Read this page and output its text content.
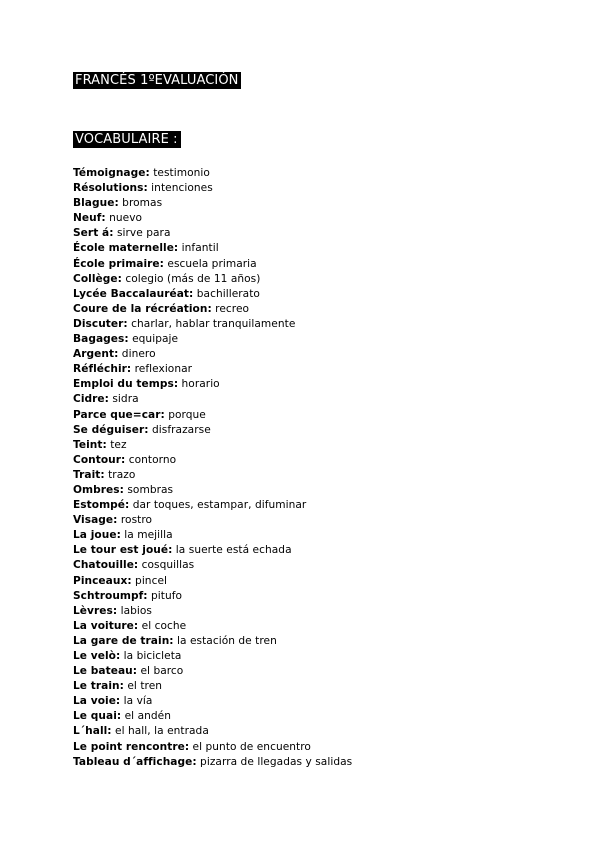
FRANCÉS 1ºEVALUACIÓN
VOCABULAIRE :
Témoignage: testimonio
Résolutions: intenciones
Blague: bromas
Neuf: nuevo
Sert á: sirve para
École maternelle: infantil
École primaire: escuela primaria
Collège: colegio (más de 11 años)
Lycée Baccalauréat: bachillerato
Coure de la récréation: recreo
Discuter: charlar, hablar tranquilamente
Bagages: equipaje
Argent: dinero
Réfléchir: reflexionar
Emploi du temps: horario
Cidre: sidra
Parce que=car: porque
Se déguiser: disfrazarse
Teint: tez
Contour: contorno
Trait: trazo
Ombres: sombras
Estompé: dar toques, estampar, difuminar
Visage: rostro
La joue: la mejilla
Le tour est joué: la suerte está echada
Chatouille: cosquillas
Pinceaux: pincel
Schtroumpf: pitufo
Lèvres: labios
La voiture: el coche
La gare de train: la estación de tren
Le velò: la bicicleta
Le bateau: el barco
Le train: el tren
La voie: la vía
Le quai: el andén
L´hall: el hall, la entrada
Le point rencontre: el punto de encuentro
Tableau d´affichage: pizarra de llegadas y salidas
